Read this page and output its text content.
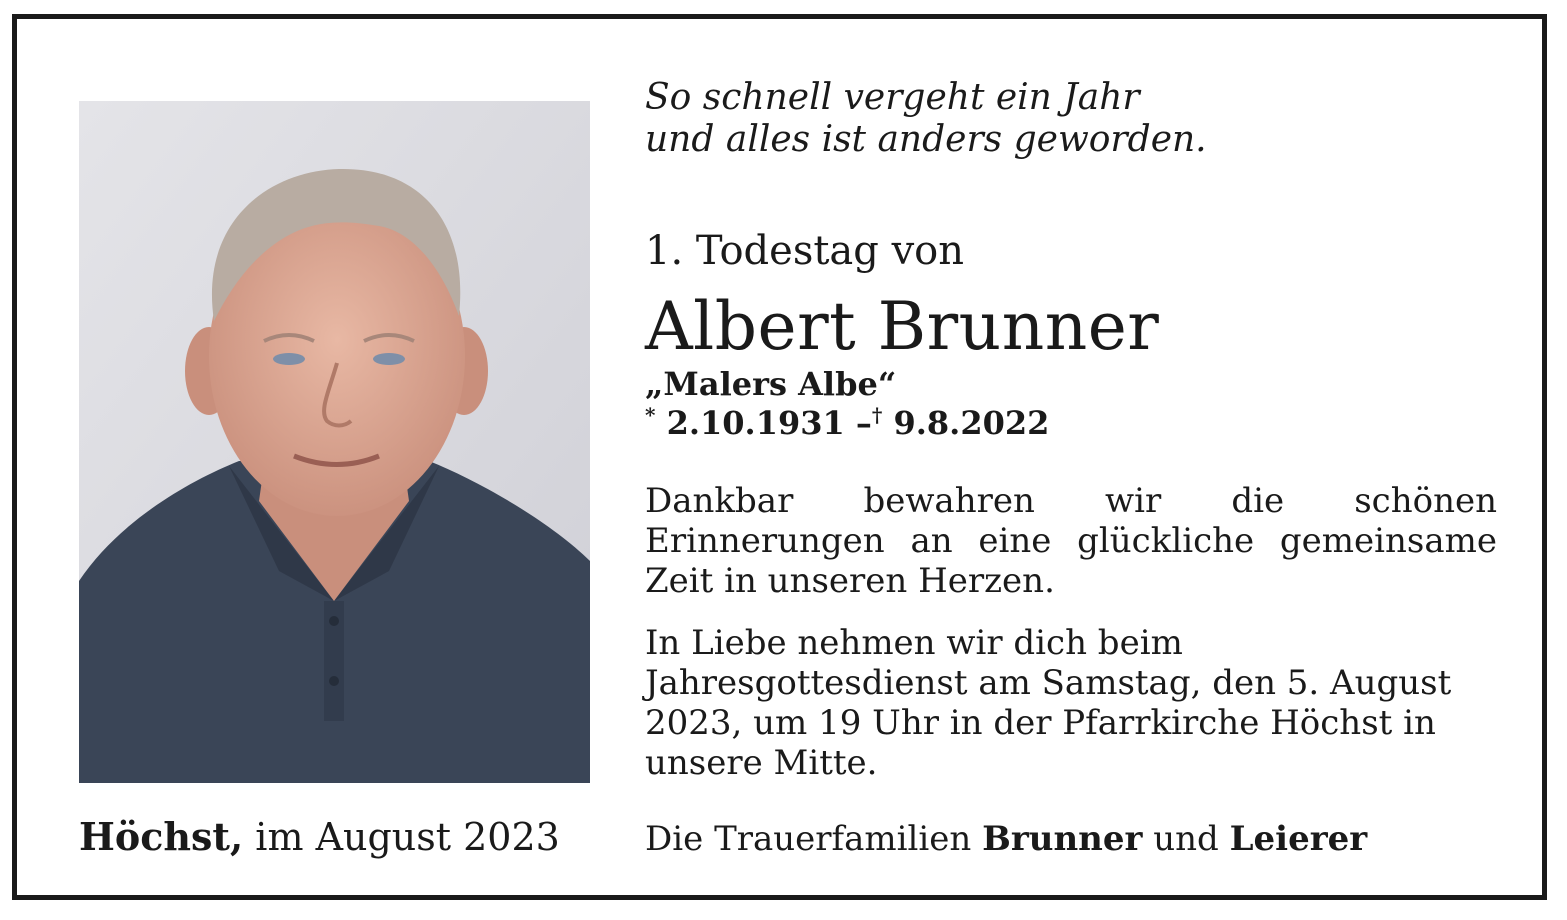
Höchst, im August 2023

So schnell vergeht ein Jahr
und alles ist anders geworden.

1. Todestag von

Albert Brunner

„Malers Albe“

* 2.10.1931 –† 9.8.2022

Dankbar bewahren wir die schönen Erinnerungen an eine glückliche gemeinsame Zeit in unseren Herzen.

In Liebe nehmen wir dich beim Jahresgottesdienst am Samstag, den 5. August 2023, um 19 Uhr in der Pfarrkirche Höchst in unsere Mitte.

Die Trauerfamilien Brunner und Leierer
